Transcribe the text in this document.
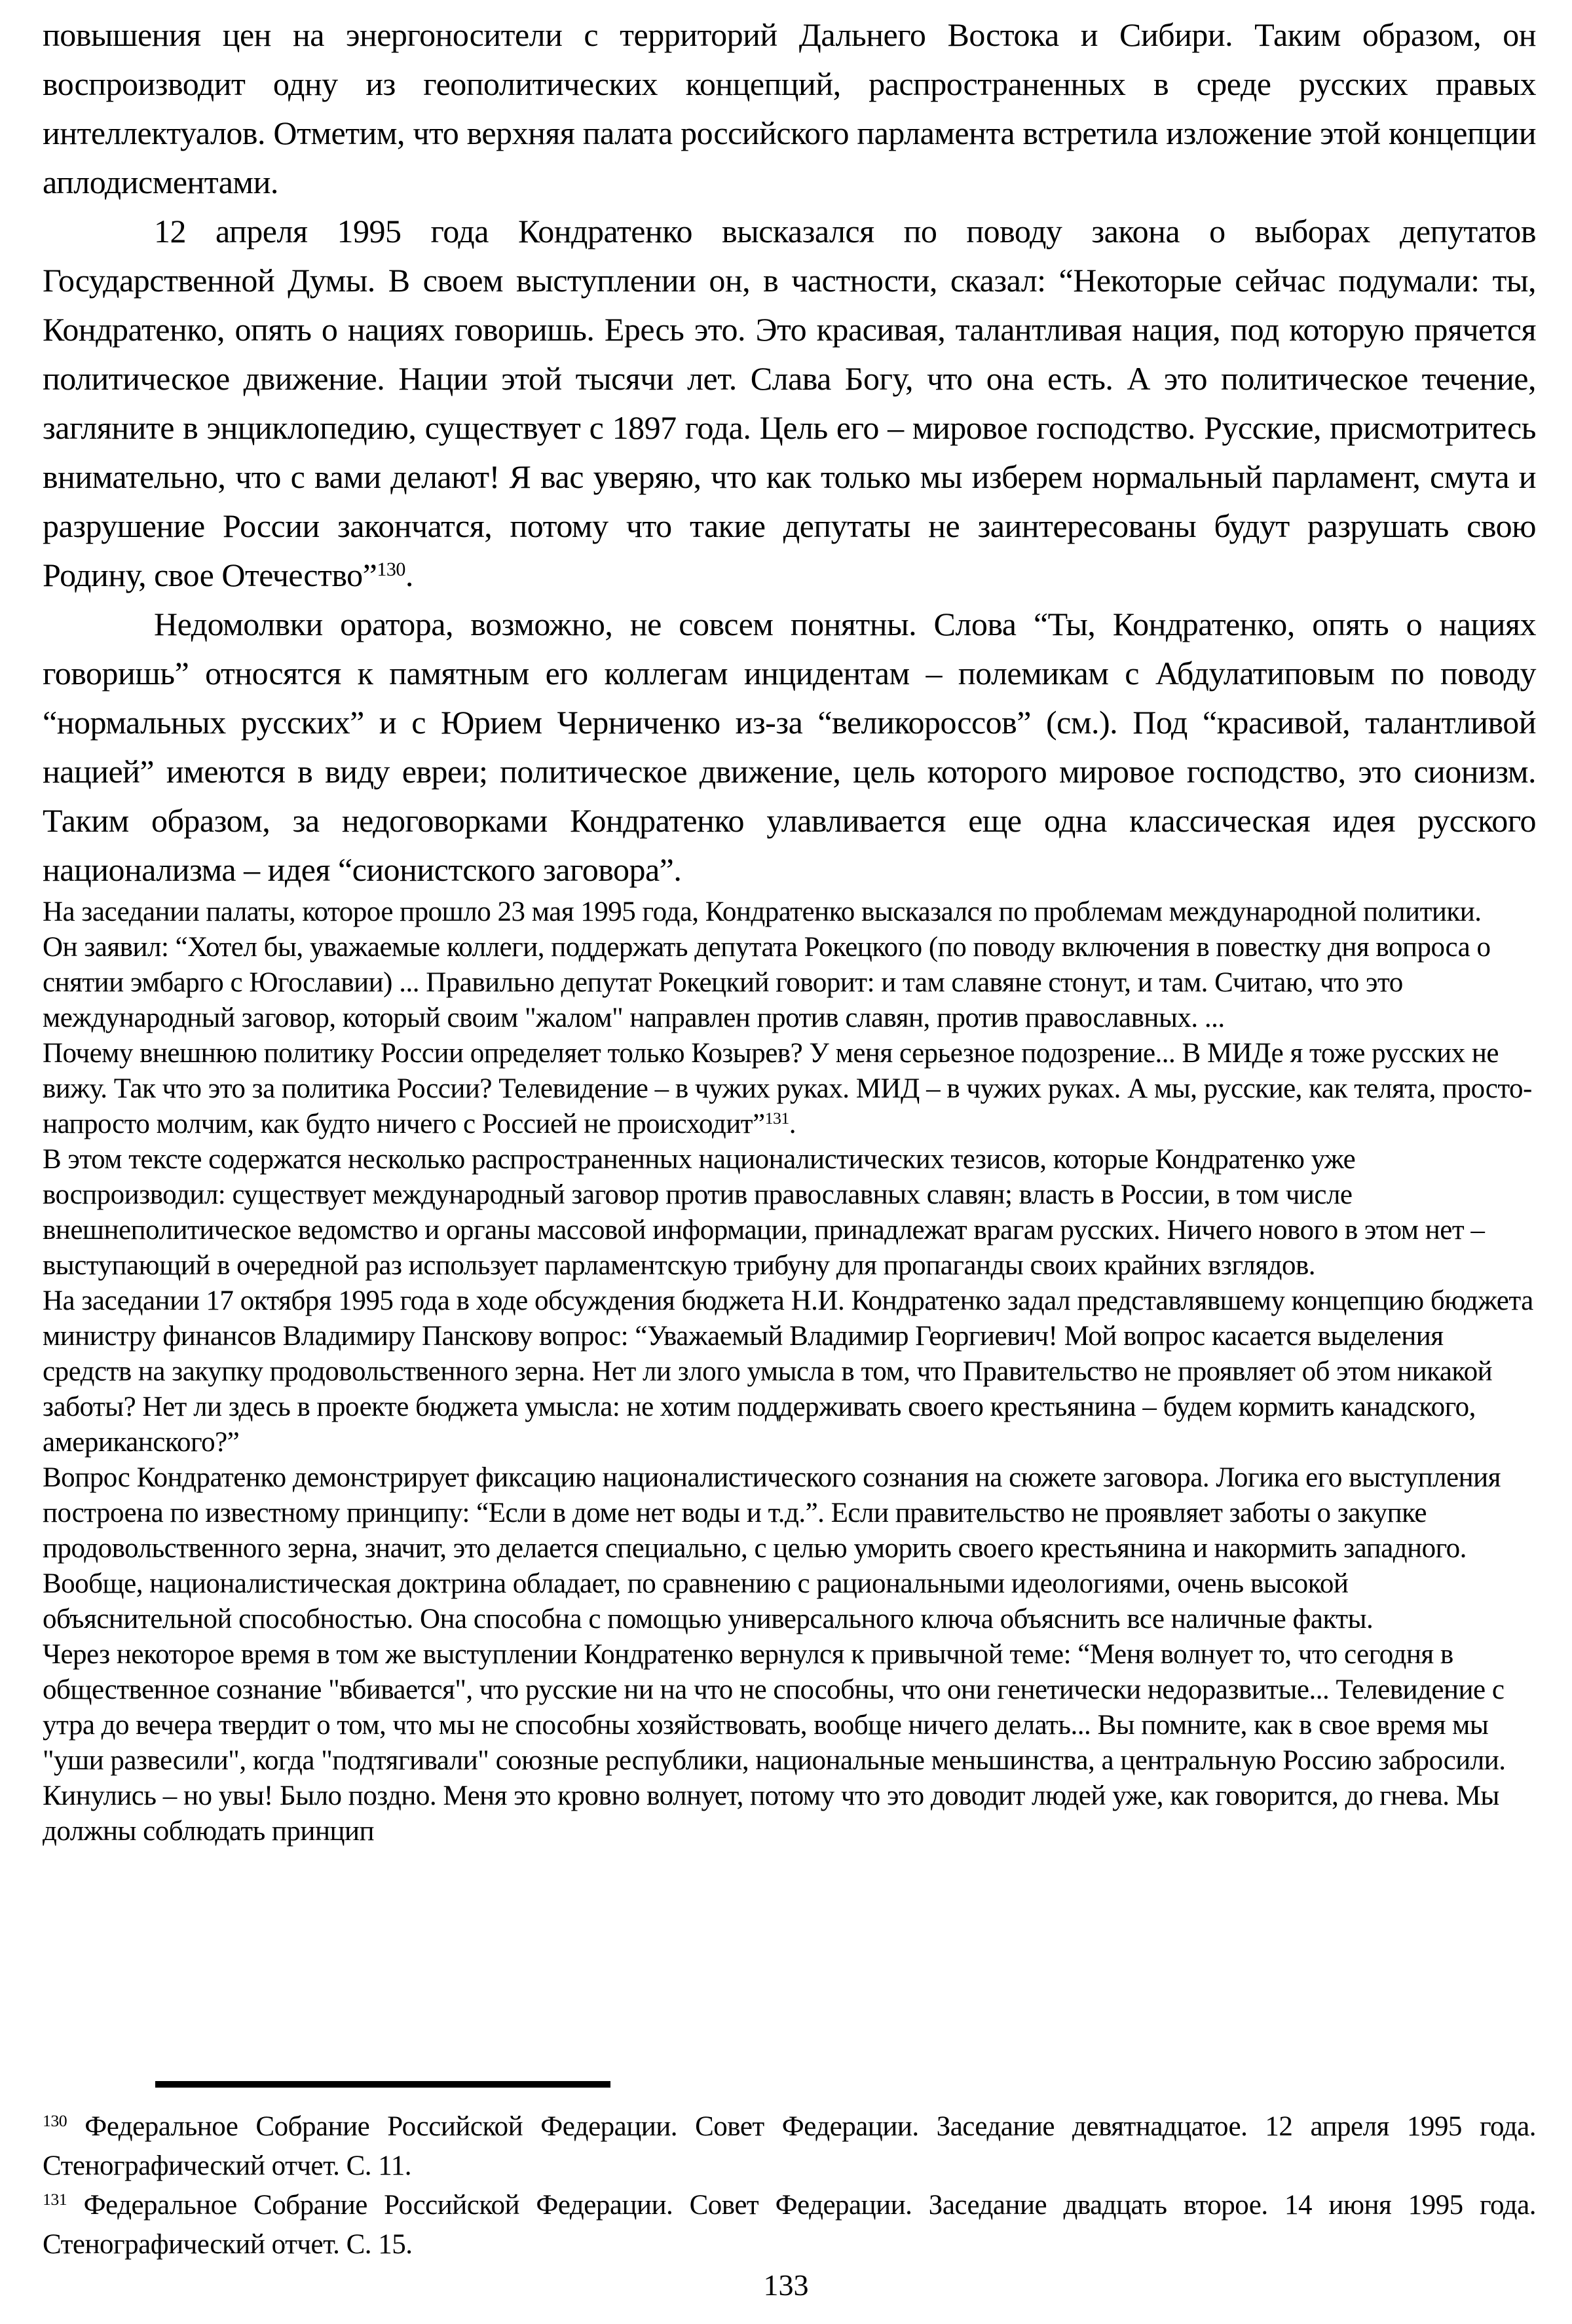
повышения цен на энергоносители с территорий Дальнего Востока и Сибири. Таким образом, он воспроизводит одну из геополитических концепций, распространенных в среде русских правых интеллектуалов. Отметим, что верхняя палата российского парламента встретила изложение этой концепции аплодисментами.

12 апреля 1995 года Кондратенко высказался по поводу закона о выборах депутатов Государственной Думы. В своем выступлении он, в частности, сказал: “Некоторые сейчас подумали: ты, Кондратенко, опять о нациях говоришь. Ересь это. Это красивая, талантливая нация, под которую прячется политическое движение. Нации этой тысячи лет. Слава Богу, что она есть. А это политическое течение, загляните в энциклопедию, существует с 1897 года. Цель его – мировое господство. Русские, присмотритесь внимательно, что с вами делают! Я вас уверяю, что как только мы изберем нормальный парламент, смута и разрушение России закончатся, потому что такие депутаты не заинтересованы будут разрушать свою Родину, свое Отечество”$^{130}$.

Недомолвки оратора, возможно, не совсем понятны. Слова “Ты, Кондратенко, опять о нациях говоришь” относятся к памятным его коллегам инцидентам – полемикам с Абдулатиповым по поводу “нормальных русских” и с Юрием Черниченко из-за “великороссов” (см.). Под “красивой, талантливой нацией” имеются в виду евреи; политическое движение, цель которого мировое господство, это сионизм. Таким образом, за недоговорками Кондратенко улавливается еще одна классическая идея русского национализма – идея “сионистского заговора”.

На заседании палаты, которое прошло 23 мая 1995 года, Кондратенко высказался по проблемам международной политики.

Он заявил: “Хотел бы, уважаемые коллеги, поддержать депутата Рокецкого (по поводу включения в повестку дня вопроса о снятии эмбарго с Югославии) ... Правильно депутат Рокецкий говорит: и там славяне стонут, и там. Считаю, что это международный заговор, который своим "жалом" направлен против славян, против православных. ...

Почему внешнюю политику России определяет только Козырев? У меня серьезное подозрение... В МИДе я тоже русских не вижу. Так что это за политика России? Телевидение – в чужих руках. МИД – в чужих руках. А мы, русские, как телята, просто-напросто молчим, как будто ничего с Россией не происходит”$^{131}$.

В этом тексте содержатся несколько распространенных националистических тезисов, которые Кондратенко уже воспроизводил: существует международный заговор против православных славян; власть в России, в том числе внешнеполитическое ведомство и органы массовой информации, принадлежат врагам русских. Ничего нового в этом нет – выступающий в очередной раз использует парламентскую трибуну для пропаганды своих крайних взглядов.

На заседании 17 октября 1995 года в ходе обсуждения бюджета Н.И. Кондратенко задал представлявшему концепцию бюджета министру финансов Владимиру Панскову вопрос: “Уважаемый Владимир Георгиевич! Мой вопрос касается выделения средств на закупку продовольственного зерна. Нет ли злого умысла в том, что Правительство не проявляет об этом никакой заботы? Нет ли здесь в проекте бюджета умысла: не хотим поддерживать своего крестьянина – будем кормить канадского, американского?”

Вопрос Кондратенко демонстрирует фиксацию националистического сознания на сюжете заговора. Логика его выступления построена по известному принципу: “Если в доме нет воды и т.д.”. Если правительство не проявляет заботы о закупке продовольственного зерна, значит, это делается специально, с целью уморить своего крестьянина и накормить западного. Вообще, националистическая доктрина обладает, по сравнению с рациональными идеологиями, очень высокой объяснительной способностью. Она способна с помощью универсального ключа объяснить все наличные факты.

Через некоторое время в том же выступлении Кондратенко вернулся к привычной теме: “Меня волнует то, что сегодня в общественное сознание "вбивается", что русские ни на что не способны, что они генетически недоразвитые... Телевидение с утра до вечера твердит о том, что мы не способны хозяйствовать, вообще ничего делать... Вы помните, как в свое время мы "уши развесили", когда "подтягивали" союзные республики, национальные меньшинства, а центральную Россию забросили. Кинулись – но увы! Было поздно. Меня это кровно волнует, потому что это доводит людей уже, как говорится, до гнева. Мы должны соблюдать принцип

$^{130}$ Федеральное Собрание Российской Федерации. Совет Федерации. Заседание девятнадцатое. 12 апреля 1995 года. Стенографический отчет. С. 11.

$^{131}$ Федеральное Собрание Российской Федерации. Совет Федерации. Заседание двадцать второе. 14 июня 1995 года. Стенографический отчет. С. 15.

133
